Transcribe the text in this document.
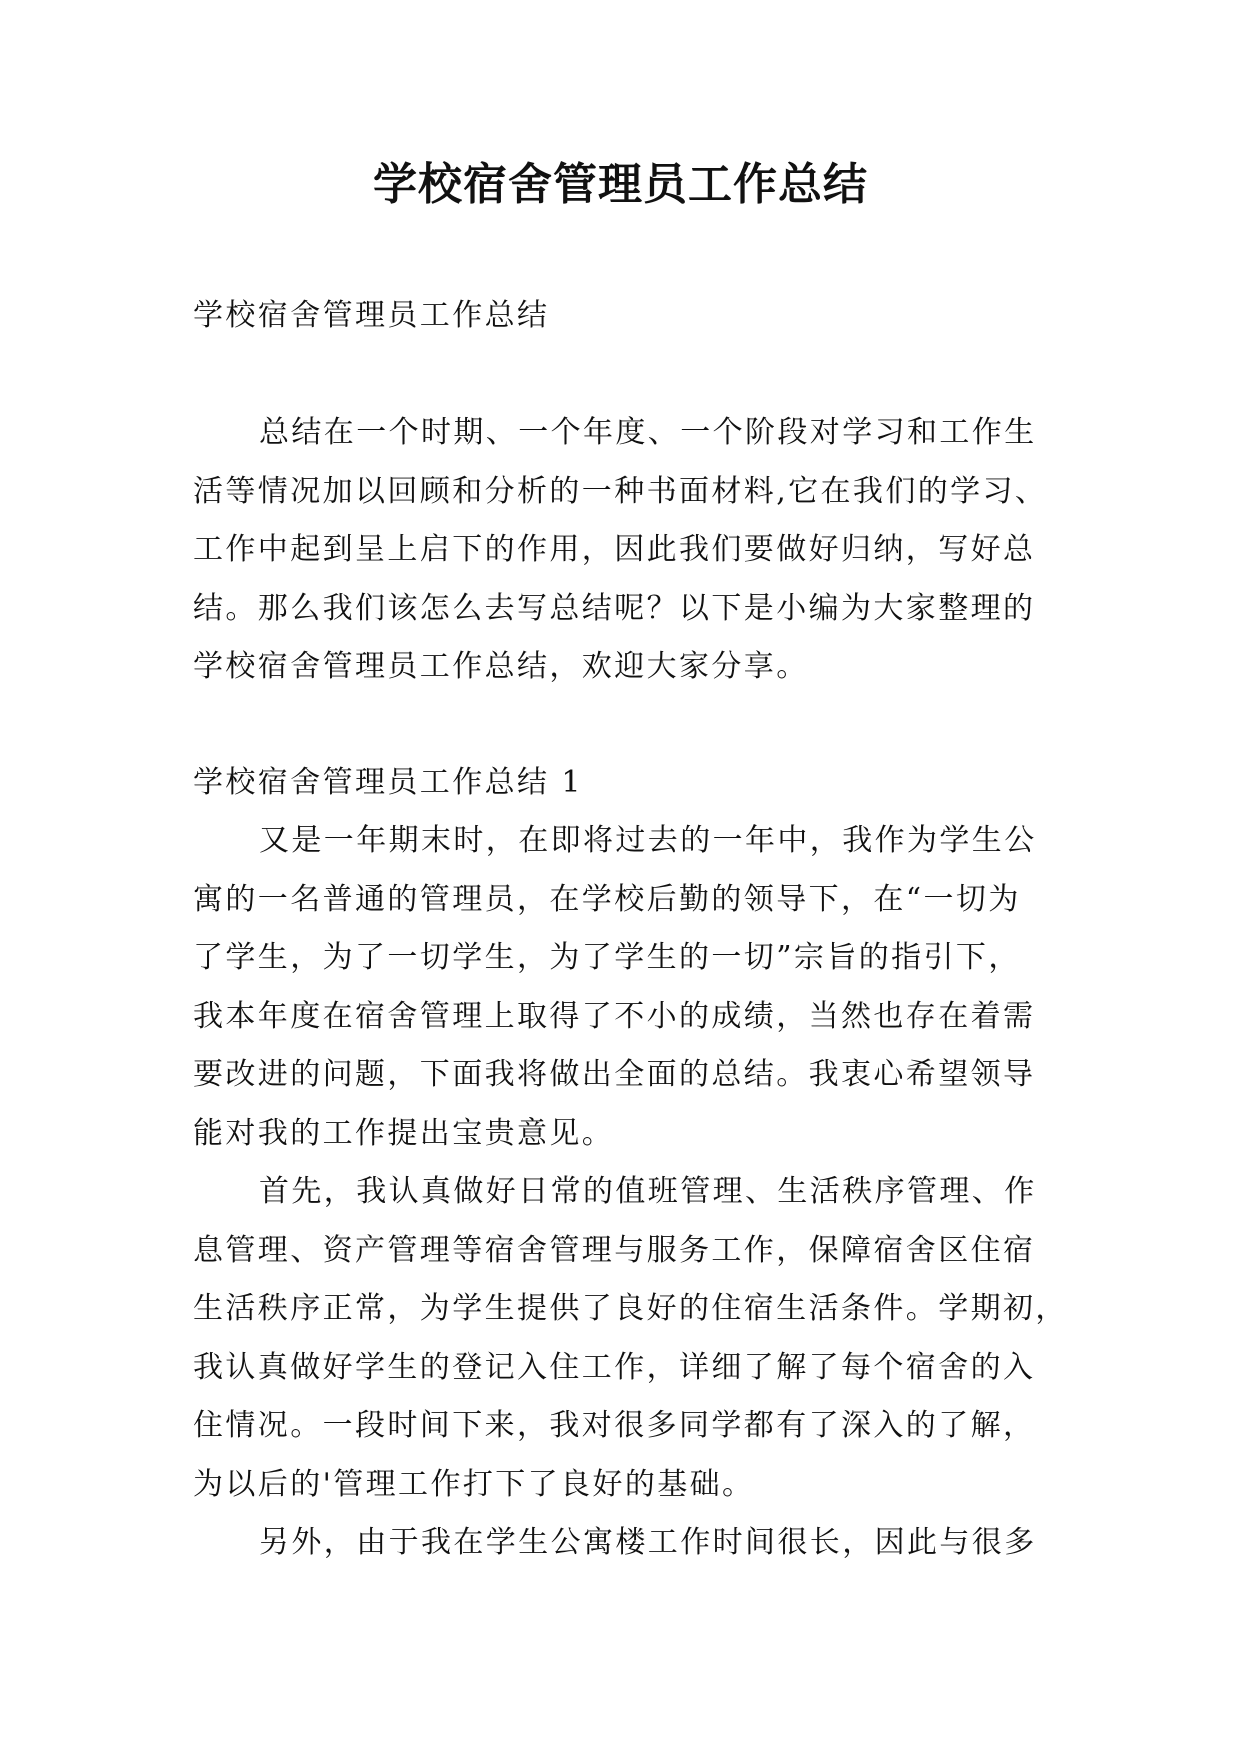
学校宿舍管理员工作总结
学校宿舍管理员工作总结
总结在一个时期、一个年度、一个阶段对学习和工作生
活等情况加以回顾和分析的一种书面材料,它在我们的学习、
工作中起到呈上启下的作用，因此我们要做好归纳，写好总
结。那么我们该怎么去写总结呢？以下是小编为大家整理的
学校宿舍管理员工作总结，欢迎大家分享。
学校宿舍管理员工作总结 1
又是一年期末时，在即将过去的一年中，我作为学生公
寓的一名普通的管理员，在学校后勤的领导下，在“一切为
了学生，为了一切学生，为了学生的一切”宗旨的指引下，
我本年度在宿舍管理上取得了不小的成绩，当然也存在着需
要改进的问题，下面我将做出全面的总结。我衷心希望领导
能对我的工作提出宝贵意见。
首先，我认真做好日常的值班管理、生活秩序管理、作
息管理、资产管理等宿舍管理与服务工作，保障宿舍区住宿
生活秩序正常，为学生提供了良好的住宿生活条件。学期初，
我认真做好学生的登记入住工作，详细了解了每个宿舍的入
住情况。一段时间下来，我对很多同学都有了深入的了解，
为以后的'管理工作打下了良好的基础。
另外，由于我在学生公寓楼工作时间很长，因此与很多
